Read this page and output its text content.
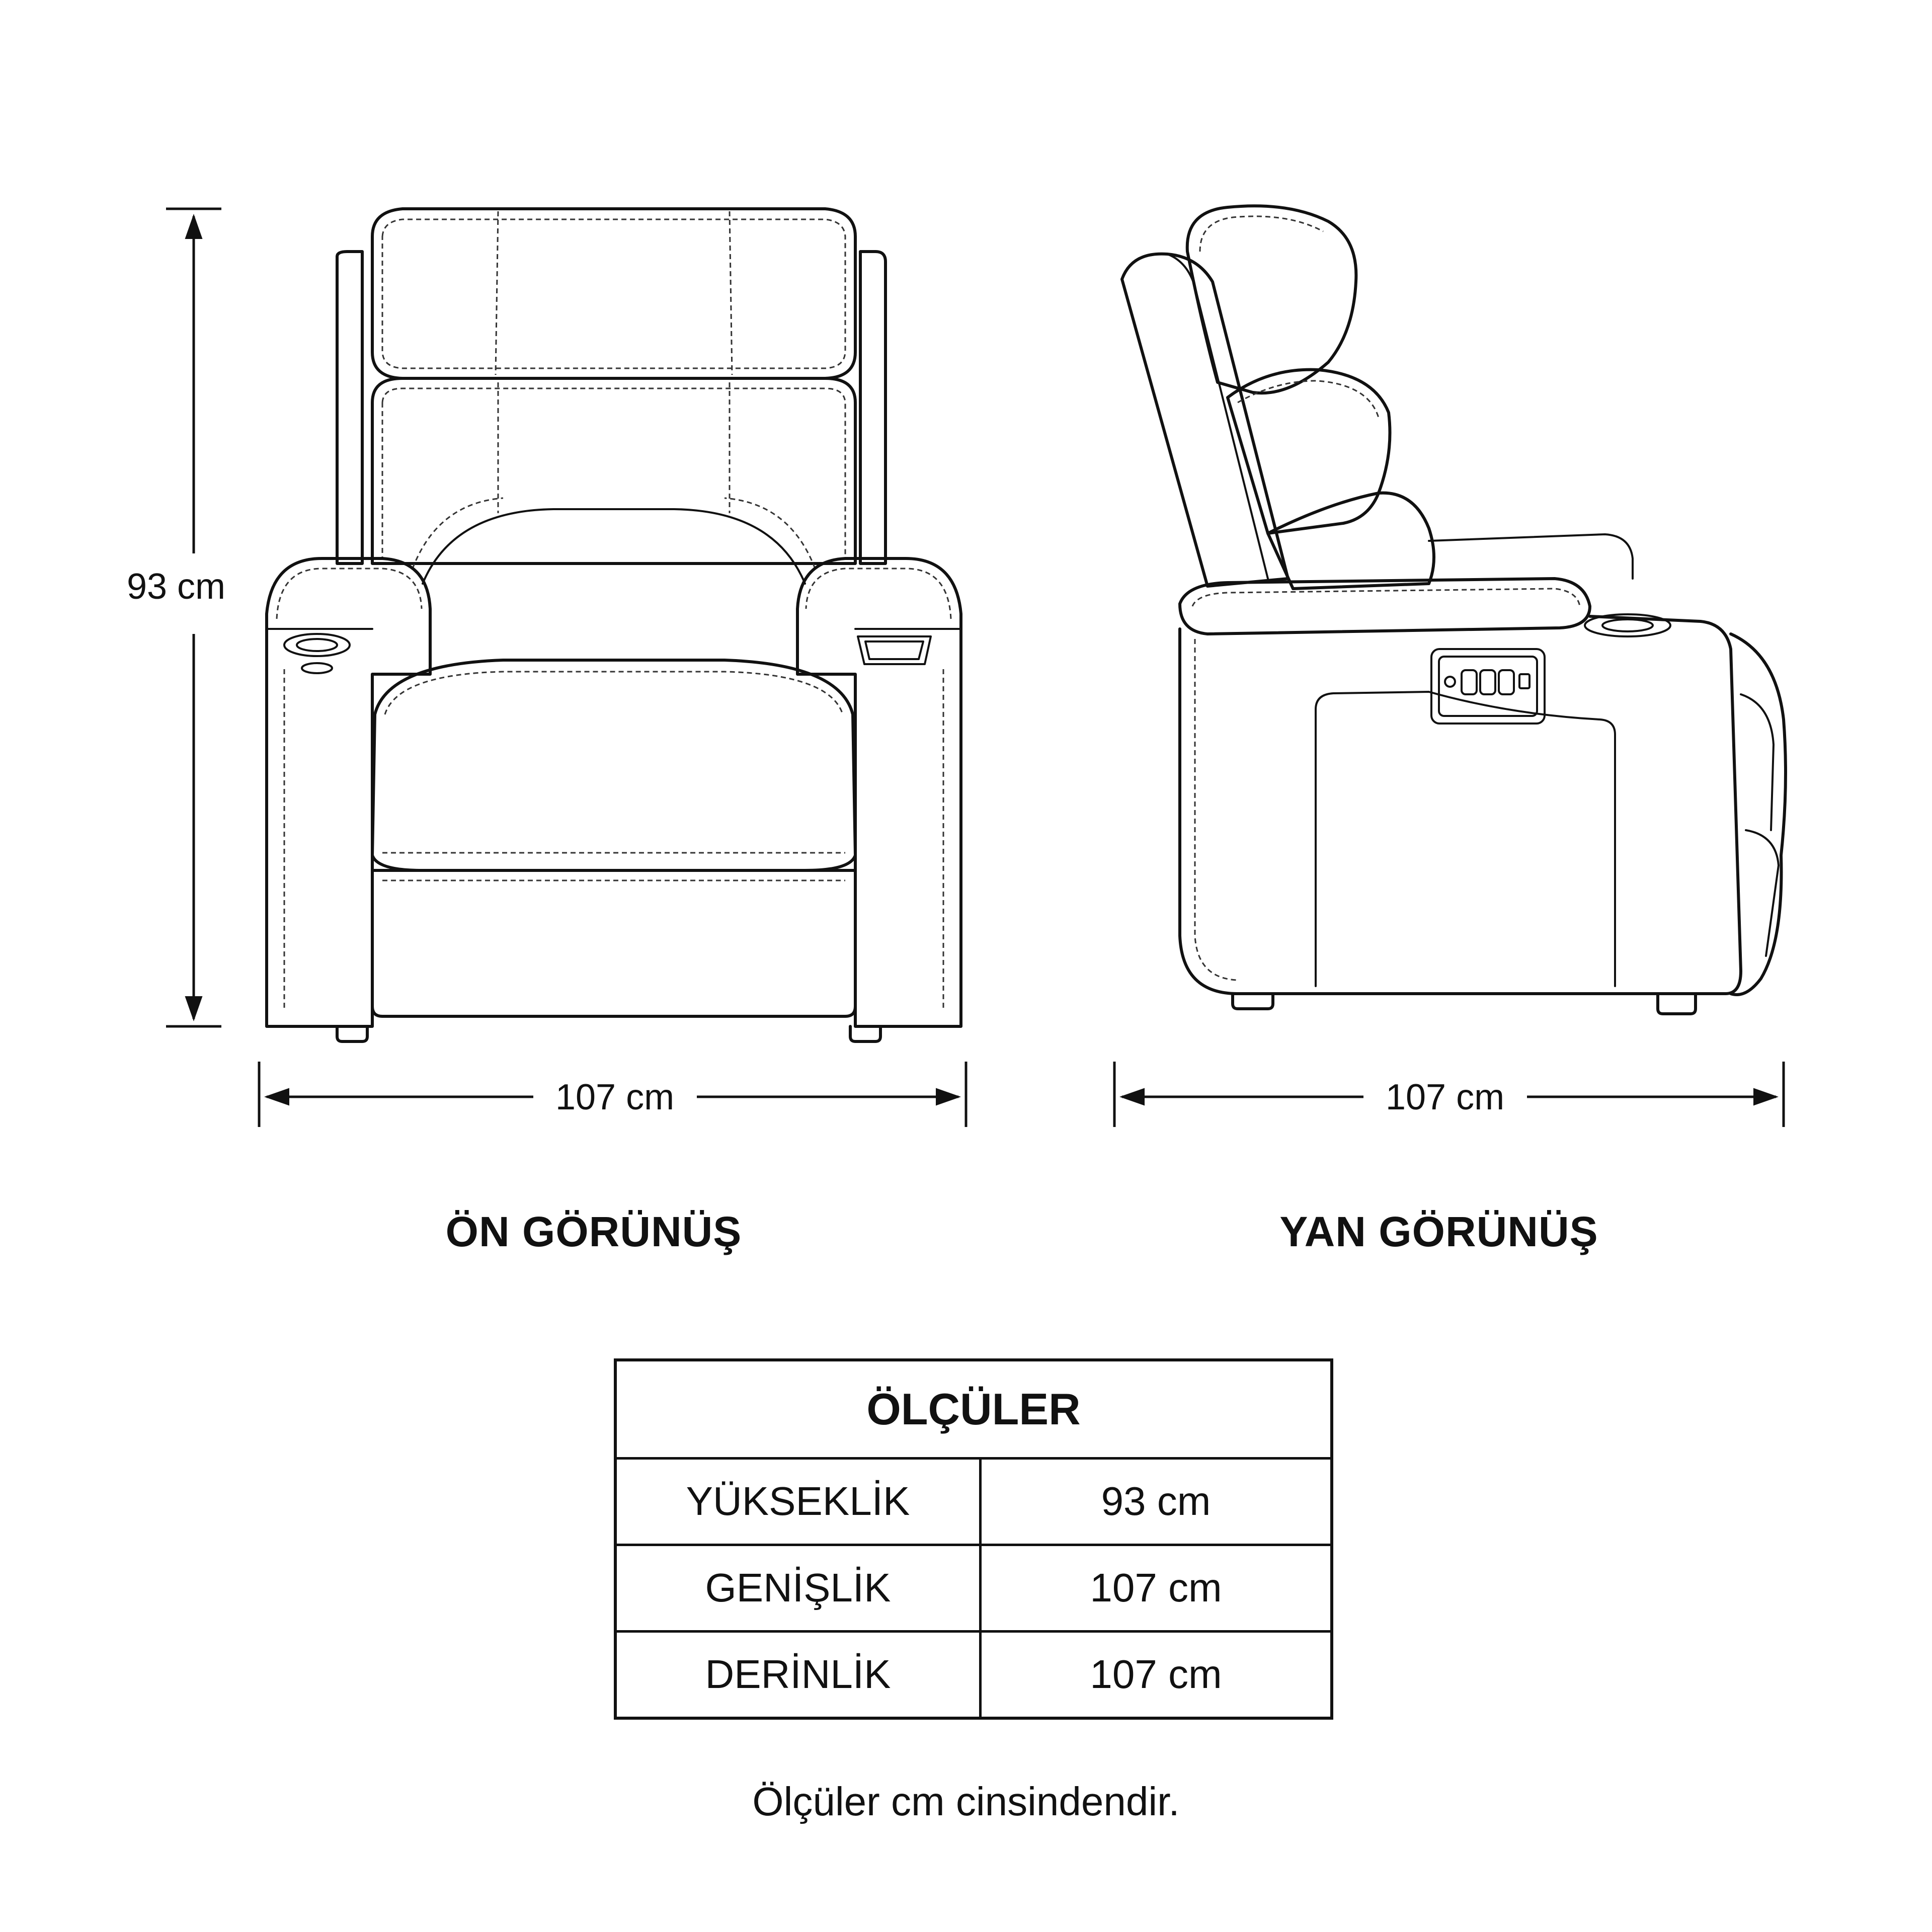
93 cm
107 cm	107 cm
ÖN GÖRÜNÜŞ	YAN GÖRÜNÜŞ
ÖLÇÜLER	
YÜKSEKLİK	93 cm
GENİŞLİK	107 cm
DERİNLİK	107 cm
Ölçüler cm cinsindendir.
